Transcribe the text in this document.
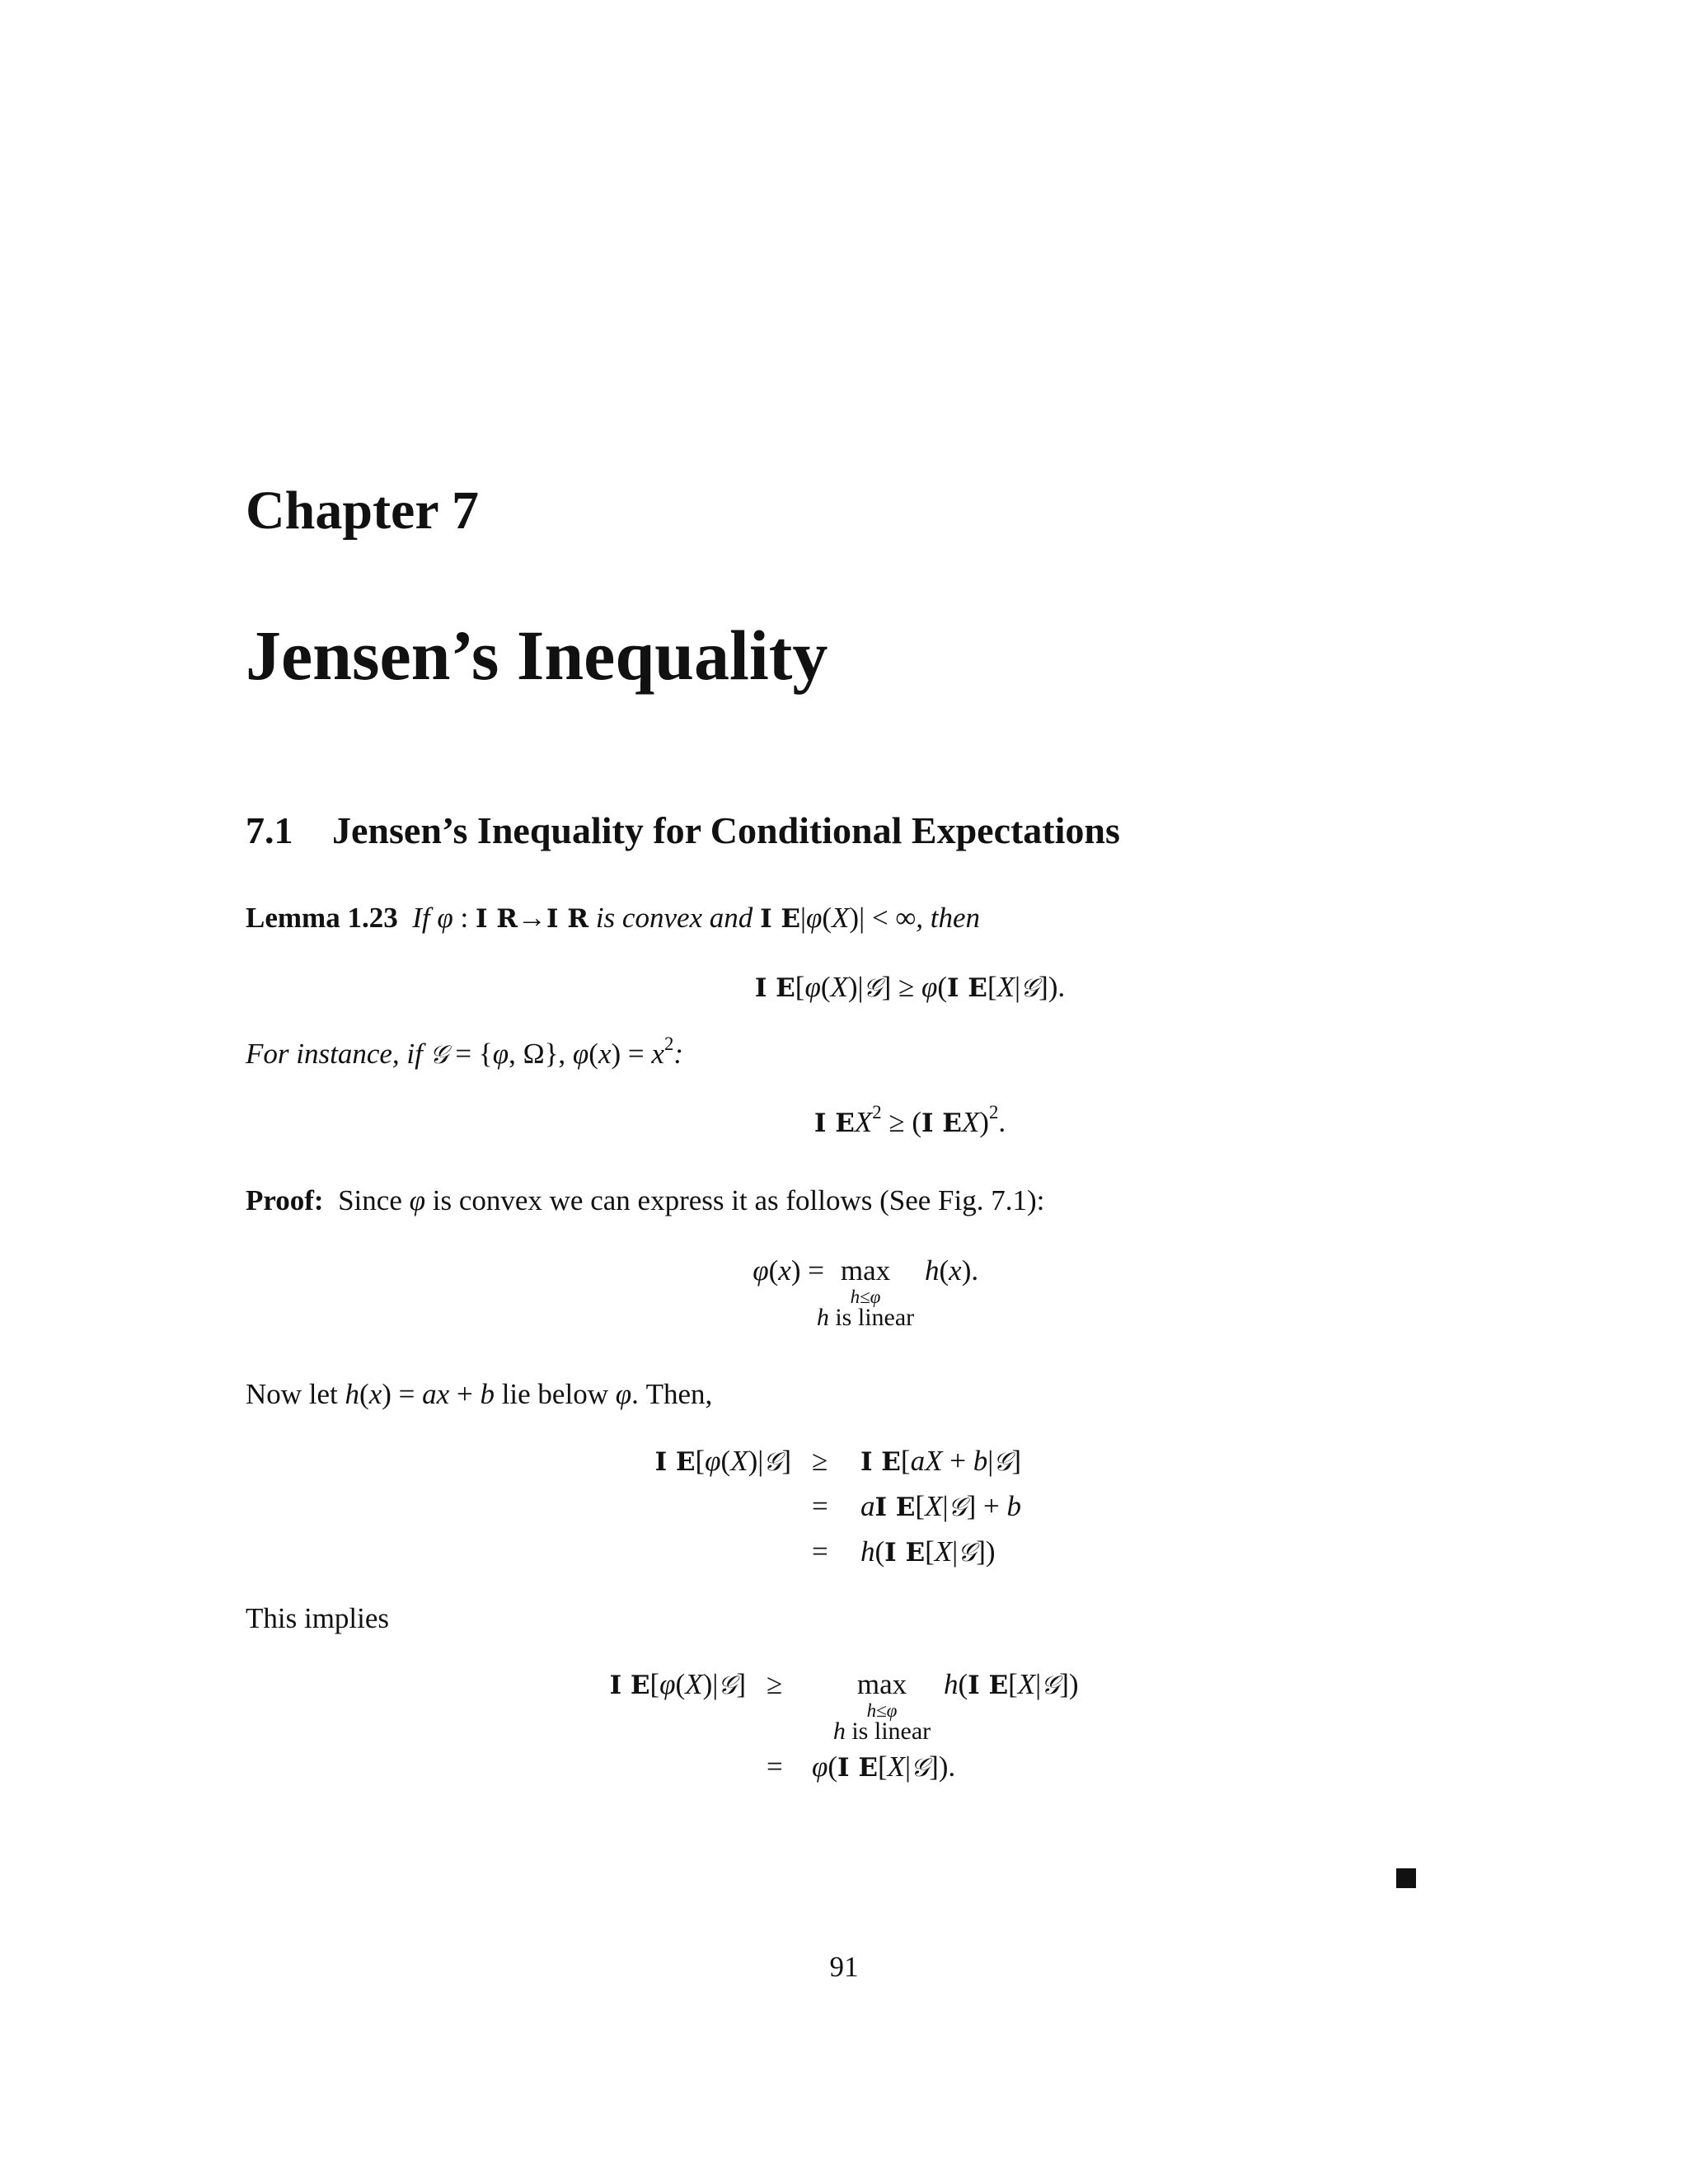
Chapter 7
Jensen’s Inequality
7.1 Jensen’s Inequality for Conditional Expectations
Lemma 1.23 If φ : I R→I R is convex and I E|φ(X)| < ∞, then
I E[φ(X)|𝒢] ≥ φ(I E[X|𝒢]).
For instance, if 𝒢 = {φ, Ω}, $\varphi(x) = x^2$:
I $EX^2 \ge (I$ EX)$^2$.
Proof: Since φ is convex we can express it as follows (See Fig. 7.1):
φ(x) = max
h≤φ
h is linear
h(x).
Now let h(x) = ax + b lie below φ. Then,
I E[φ(X)|𝒢] ≥ I E[aX + b|𝒢]
= aI E[X|𝒢] + b
= h(I E[X|𝒢])
This implies
I E[φ(X)|𝒢] ≥	max
h≤φ
h is linear
h(I E[X|𝒢])
= φ(I E[X|𝒢]).
91
